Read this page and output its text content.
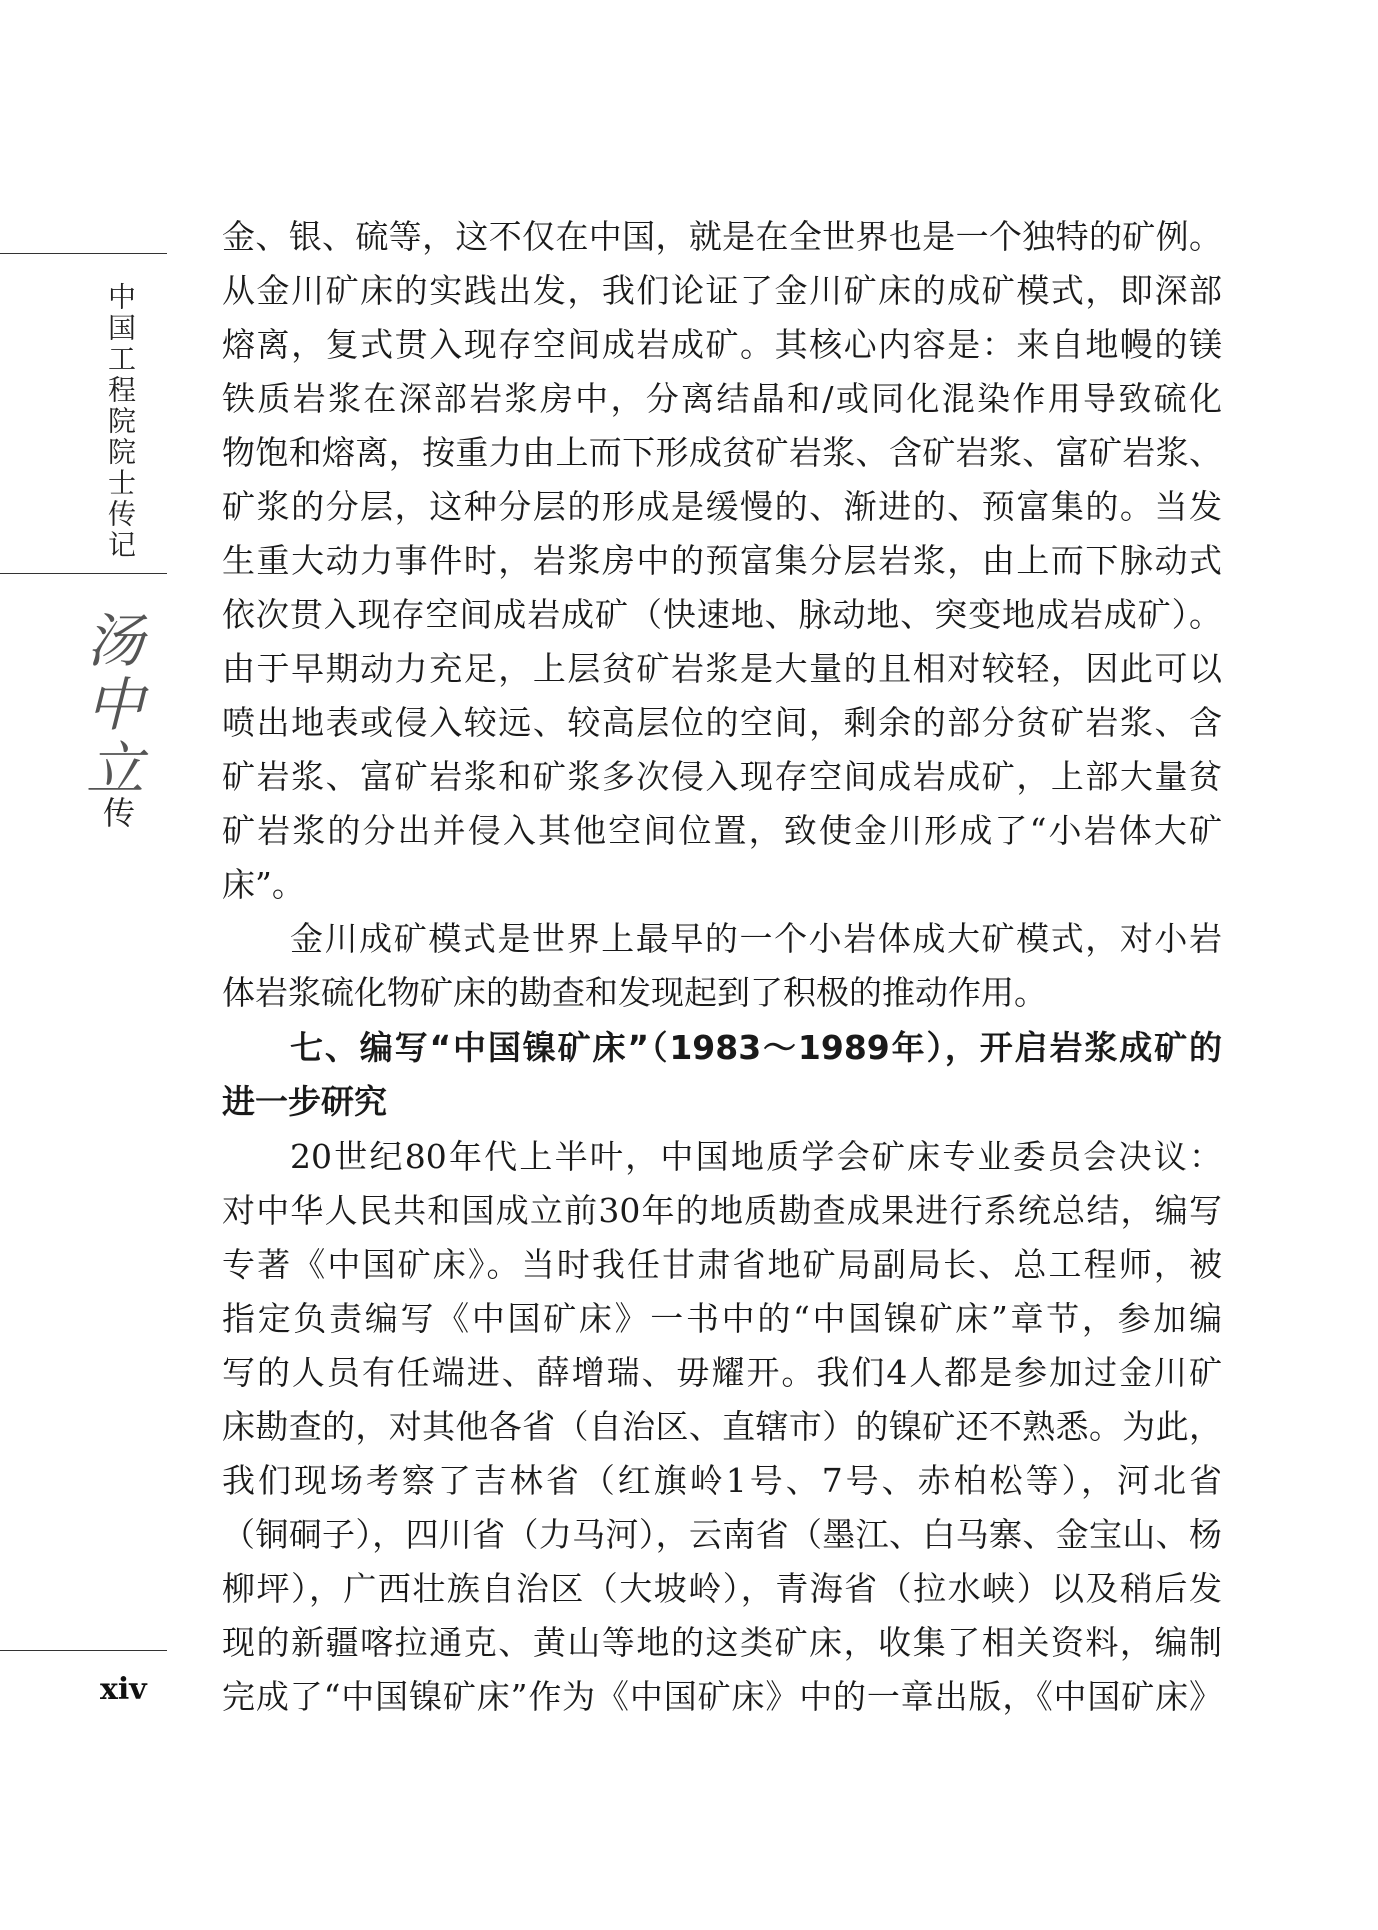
中国工程院院士传记
汤中立
传
xiv
金、银、硫等，这不仅在中国，就是在全世界也是一个独特的矿例。
从金川矿床的实践出发，我们论证了金川矿床的成矿模式，即深部
熔离，复式贯入现存空间成岩成矿。其核心内容是：来自地幔的镁
铁质岩浆在深部岩浆房中，分离结晶和/或同化混染作用导致硫化
物饱和熔离，按重力由上而下形成贫矿岩浆、含矿岩浆、富矿岩浆、
矿浆的分层，这种分层的形成是缓慢的、渐进的、预富集的。当发
生重大动力事件时，岩浆房中的预富集分层岩浆，由上而下脉动式
依次贯入现存空间成岩成矿（快速地、脉动地、突变地成岩成矿）。
由于早期动力充足，上层贫矿岩浆是大量的且相对较轻，因此可以
喷出地表或侵入较远、较高层位的空间，剩余的部分贫矿岩浆、含
矿岩浆、富矿岩浆和矿浆多次侵入现存空间成岩成矿，上部大量贫
矿岩浆的分出并侵入其他空间位置，致使金川形成了“小岩体大矿
床”。
金川成矿模式是世界上最早的一个小岩体成大矿模式，对小岩
体岩浆硫化物矿床的勘查和发现起到了积极的推动作用。
七、编写“中国镍矿床”（1983～1989年），开启岩浆成矿的
进一步研究
20世纪80年代上半叶，中国地质学会矿床专业委员会决议：
对中华人民共和国成立前30年的地质勘查成果进行系统总结，编写
专著《中国矿床》。当时我任甘肃省地矿局副局长、总工程师，被
指定负责编写《中国矿床》一书中的“中国镍矿床”章节，参加编
写的人员有任端进、薛增瑞、毋耀开。我们4人都是参加过金川矿
床勘查的，对其他各省（自治区、直辖市）的镍矿还不熟悉。为此，
我们现场考察了吉林省（红旗岭1号、7号、赤柏松等），河北省
（铜硐子），四川省（力马河），云南省（墨江、白马寨、金宝山、杨
柳坪），广西壮族自治区（大坡岭），青海省（拉水峡）以及稍后发
现的新疆喀拉通克、黄山等地的这类矿床，收集了相关资料，编制
完成了“中国镍矿床”作为《中国矿床》中的一章出版，《中国矿床》
